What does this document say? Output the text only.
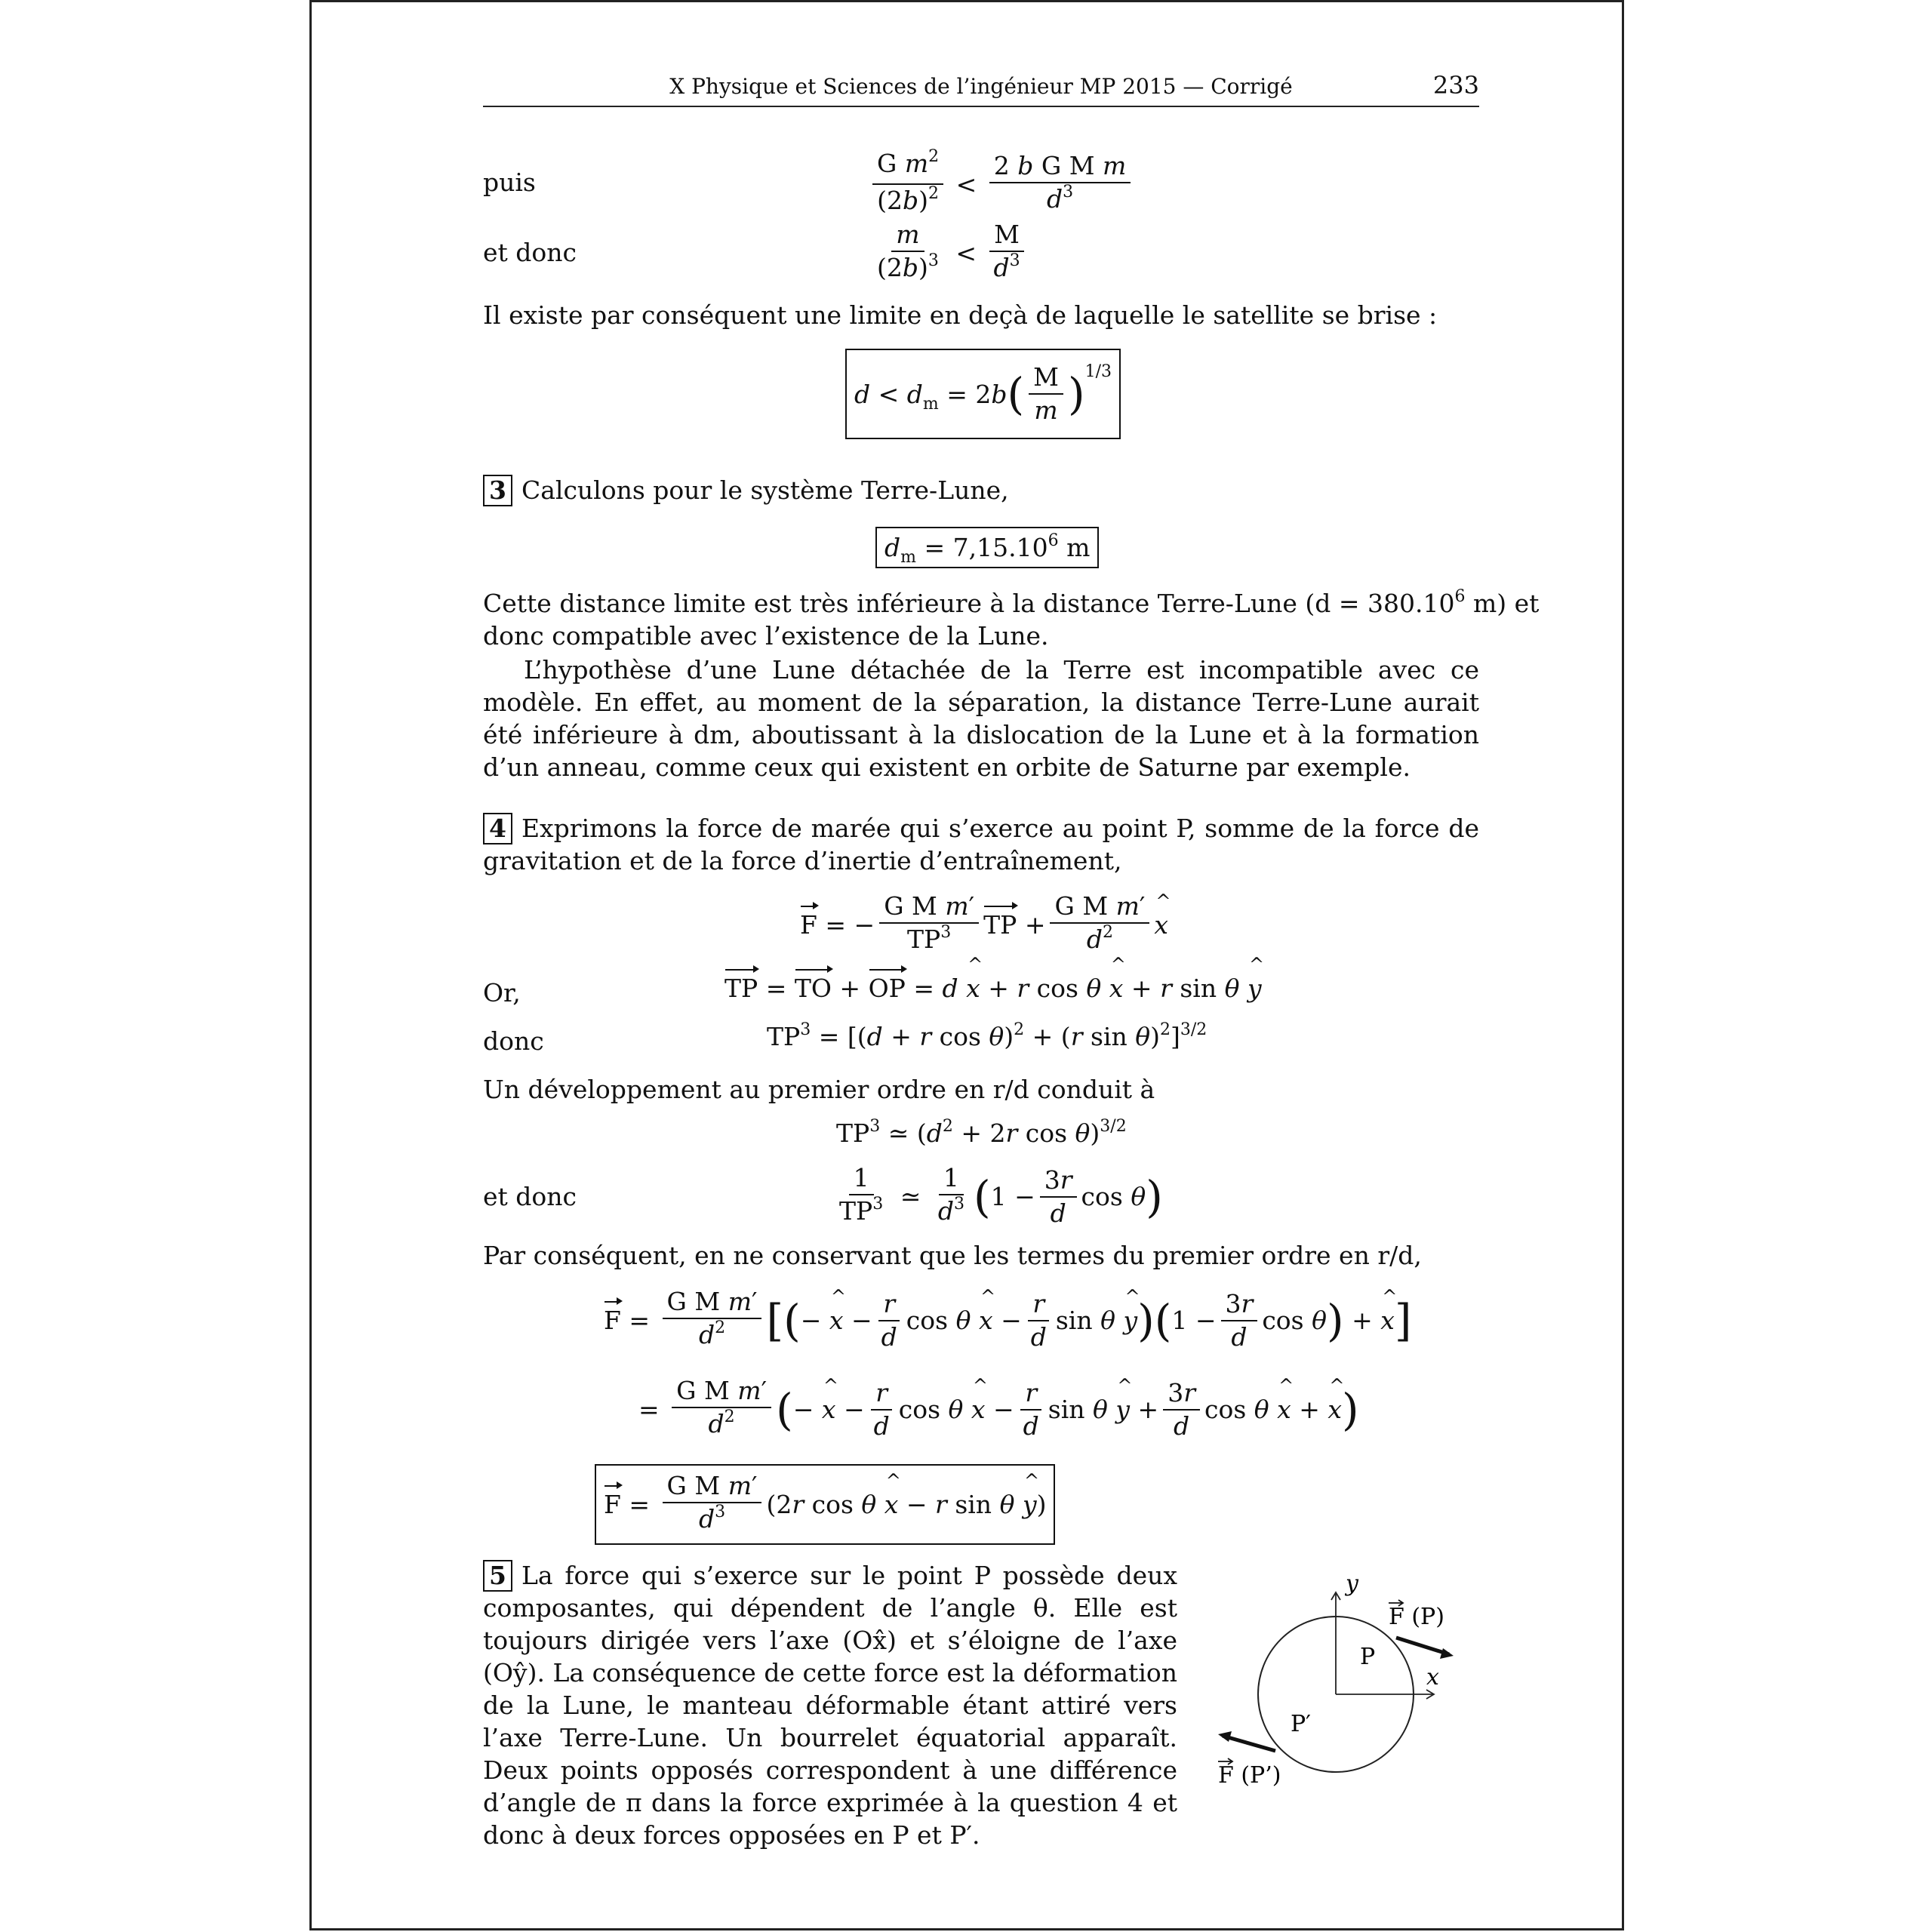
X Physique et Sciences de l’ingénieur MP 2015 — Corrigé	233
puis	$\frac{G m^2}{(2b)^2} < \frac{\text{2 b G M m}}{d^3}$
et donc	$\frac{m}{(2b)^3} < \frac{M}{d^3}$
Il existe par conséquent une limite en deçà de laquelle le satellite se brise :
$d < d_m = 2b$ ( $\frac{M}{m}$ ) 1/3
3 Calculons pour le système Terre-Lune,
$d_m = 7,15.10^6$ m
Cette distance limite est très inférieure à la distance Terre-Lune ($d = 380.10^6$ m) et
donc compatible avec l’existence de la Lune.
L’hypothèse d’une Lune détachée de la Terre est incompatible avec ce modèle. En effet, au moment de la séparation, la distance Terre-Lune aurait été inférieure à dm, aboutissant à la dislocation de la Lune et à la formation d’un anneau, comme ceux qui existent en orbite de Saturne par exemple.
4 Exprimons la force de marée qui s’exerce au point P, somme de la force de gravitation et de la force d’inertie d’entraînement,
F = − $\frac{\text{G M m′}}{TP^3}$ TP + $\frac{\text{G M m′}}{d^2}$ ^ x
Or,	TP = TO + OP = d ^ x + r cos θ ^ x + r sin θ ^ y
donc	$TP^3 = [(d + r$ cos θ)$^2$ + (r sin θ)$^2$]$^{3/2}$
Un développement au premier ordre en r/d conduit à
$TP^3$ ≃ ($d^2 + 2r$ cos θ)$^{3/2}$
et donc	$\frac{1}{TP^3}$ ≃ $\frac{1}{d^3}$ ( $1 - \frac{3r}{d}$ cos θ )
Par conséquent, en ne conservant que les termes du premier ordre en r/d,
$F = \frac{\text{G M m′}}{d^2}$ [ ( − ^ $x - \frac{r}{d}$ cos θ ^ $x - \frac{r}{d}$ sin θ ^ y ) ( $1 - \frac{3r}{d}$ cos θ ) + ^ x ]
= $\frac{\text{G M m′}}{d^2}$ ( − ^ $x - \frac{r}{d}$ cos θ ^ $x - \frac{r}{d}$ sin θ ^ $y + \frac{3r}{d}$ cos θ ^ x + ^ x )
$F = \frac{\text{G M m′}}{d^3} (2r$ cos θ ^ x − r sin θ ^ y )
5 La force qui s’exerce sur le point P possède deux composantes, qui dépendent de l’angle θ. Elle est toujours dirigée vers l’axe (Ox̂) et s’éloigne de l’axe (Oŷ). La conséquence de cette force est la déformation de la Lune, le manteau déformable étant attiré vers l’axe Terre-Lune. Un bourrelet équatorial apparaît. Deux points opposés correspondent à une différence d’angle de π dans la force exprimée à la question 4 et donc à deux forces opposées en P et P′.
y
x
P
P′
F (P)
F (P’)
